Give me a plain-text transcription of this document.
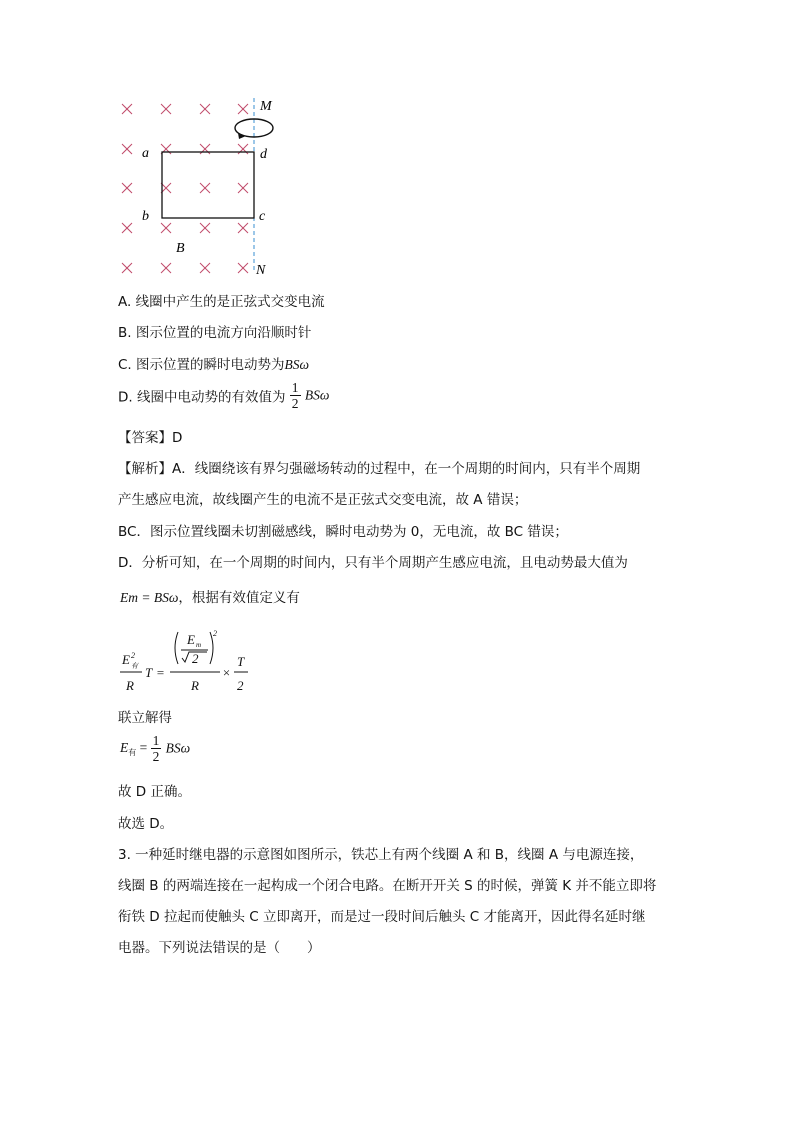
M
d
a
b	c
B
N
A. 线圈中产生的是正弦式交变电流
B. 图示位置的电流方向沿顺时针
C. 图示位置的瞬时电动势为BSω
D. 线圈中电动势的有效值为 $\frac{1}{2}$ BSω
【答案】D
【解析】A．线圈绕该有界匀强磁场转动的过程中，在一个周期的时间内，只有半个周期
产生感应电流，故线圈产生的电流不是正弦式交变电流，故 A 错误；
BC．图示位置线圈未切割磁感线，瞬时电动势为 0，无电流，故 BC 错误；
D．分析可知，在一个周期的时间内，只有半个周期产生感应电流，且电动势最大值为
Em = BSω，根据有效值定义有
E 2
有
R
T =
E m
2
2
R
×
T
2
联立解得
$E_有 = \frac{1}{2}$ BSω
故 D 正确。
故选 D。
3. 一种延时继电器的示意图如图所示，铁芯上有两个线圈 A 和 B，线圈 A 与电源连接，
线圈 B 的两端连接在一起构成一个闭合电路。在断开开关 S 的时候，弹簧 K 并不能立即将
衔铁 D 拉起而使触头 C 立即离开，而是过一段时间后触头 C 才能离开，因此得名延时继
电器。下列说法错误的是（　　）
